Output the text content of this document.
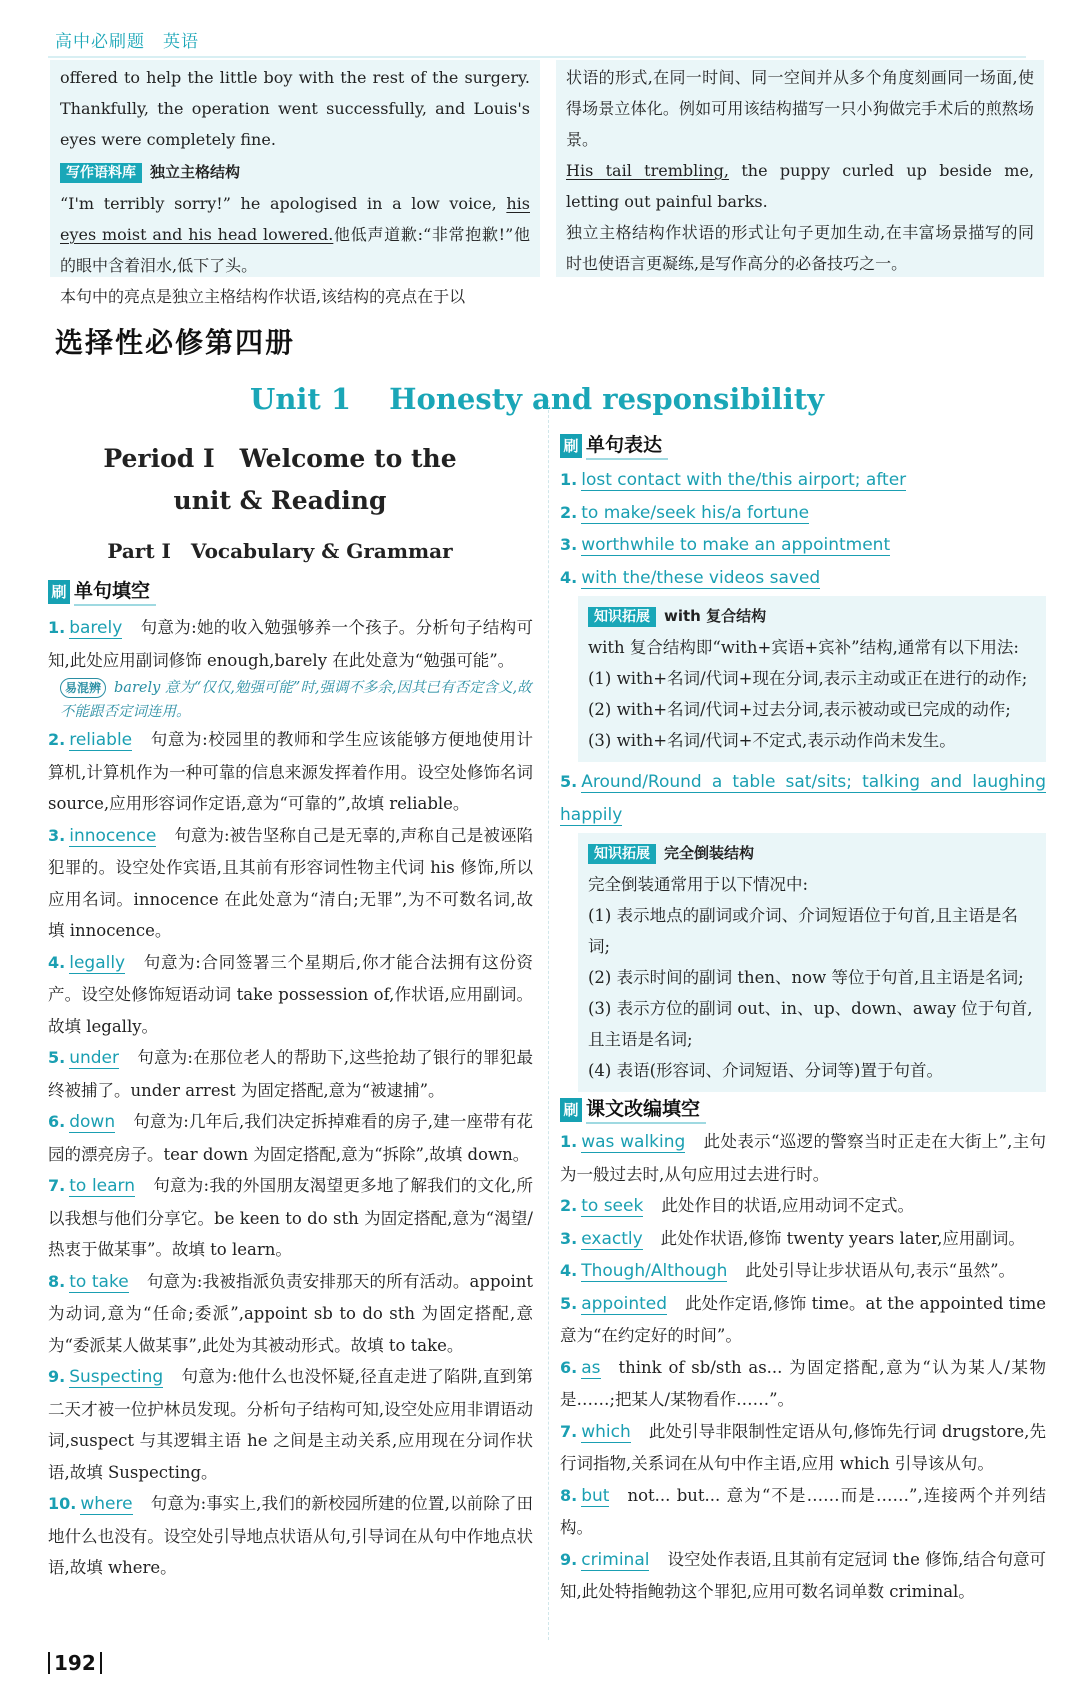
高中必刷题 英语

offered to help the little boy with the rest of the surgery. Thankfully, the operation went successfully, and Louis's eyes were completely fine.

写作语料库 独立主格结构

“I'm terribly sorry!” he apologised in a low voice, his eyes moist and his head lowered.他低声道歉:“非常抱歉!”他的眼中含着泪水,低下了头。

本句中的亮点是独立主格结构作状语,该结构的亮点在于以

状语的形式,在同一时间、同一空间并从多个角度刻画同一场面,使得场景立体化。例如可用该结构描写一只小狗做完手术后的煎熬场景。

His tail trembling, the puppy curled up beside me, letting out painful barks.

独立主格结构作状语的形式让句子更加生动,在丰富场景描写的同时也使语言更凝练,是写作高分的必备技巧之一。

选择性必修第四册
Unit 1 Honesty and responsibility
Period Ⅰ　Welcome to the
unit & Reading
Part Ⅰ　Vocabulary & Grammar
刷 单句填空
1. barely 句意为:她的收入勉强够养一个孩子。分析句子结构可知,此处应用副词修饰 enough,barely 在此处意为“勉强可能”。
易混辨 barely 意为“仅仅,勉强可能”时,强调不多余,因其已有否定含义,故不能跟否定词连用。
2. reliable 句意为:校园里的教师和学生应该能够方便地使用计算机,计算机作为一种可靠的信息来源发挥着作用。设空处修饰名词 source,应用形容词作定语,意为“可靠的”,故填 reliable。
3. innocence 句意为:被告坚称自己是无辜的,声称自己是被诬陷犯罪的。设空处作宾语,且其前有形容词性物主代词 his 修饰,所以应用名词。innocence 在此处意为“清白;无罪”,为不可数名词,故填 innocence。
4. legally 句意为:合同签署三个星期后,你才能合法拥有这份资产。设空处修饰短语动词 take possession of,作状语,应用副词。故填 legally。
5. under 句意为:在那位老人的帮助下,这些抢劫了银行的罪犯最终被捕了。under arrest 为固定搭配,意为“被逮捕”。
6. down 句意为:几年后,我们决定拆掉难看的房子,建一座带有花园的漂亮房子。tear down 为固定搭配,意为“拆除”,故填 down。
7. to learn 句意为:我的外国朋友渴望更多地了解我们的文化,所以我想与他们分享它。be keen to do sth 为固定搭配,意为“渴望/热衷于做某事”。故填 to learn。
8. to take 句意为:我被指派负责安排那天的所有活动。appoint 为动词,意为“任命;委派”,appoint sb to do sth 为固定搭配,意为“委派某人做某事”,此处为其被动形式。故填 to take。
9. Suspecting 句意为:他什么也没怀疑,径直走进了陷阱,直到第二天才被一位护林员发现。分析句子结构可知,设空处应用非谓语动词,suspect 与其逻辑主语 he 之间是主动关系,应用现在分词作状语,故填 Suspecting。
10. where 句意为:事实上,我们的新校园所建的位置,以前除了田地什么也没有。设空处引导地点状语从句,引导词在从句中作地点状语,故填 where。
刷 单句表达
1. lost contact with the/this airport; after
2. to make/seek his/a fortune
3. worthwhile to make an appointment
4. with the/these videos saved
知识拓展 with 复合结构
with 复合结构即“with+宾语+宾补”结构,通常有以下用法:
(1) with+名词/代词+现在分词,表示主动或正在进行的动作;
(2) with+名词/代词+过去分词,表示被动或已完成的动作;
(3) with+名词/代词+不定式,表示动作尚未发生。
5. Around/Round a table sat/sits; talking and laughing happily
知识拓展 完全倒装结构
完全倒装通常用于以下情况中:
(1) 表示地点的副词或介词、介词短语位于句首,且主语是名词;
(2) 表示时间的副词 then、now 等位于句首,且主语是名词;
(3) 表示方位的副词 out、in、up、down、away 位于句首,且主语是名词;
(4) 表语(形容词、介词短语、分词等)置于句首。
刷 课文改编填空
1. was walking 此处表示“巡逻的警察当时正走在大街上”,主句为一般过去时,从句应用过去进行时。
2. to seek 此处作目的状语,应用动词不定式。
3. exactly 此处作状语,修饰 twenty years later,应用副词。
4. Though/Although 此处引导让步状语从句,表示“虽然”。
5. appointed 此处作定语,修饰 time。at the appointed time 意为“在约定好的时间”。
6. as think of sb/sth as... 为固定搭配,意为“认为某人/某物是……;把某人/某物看作……”。
7. which 此处引导非限制性定语从句,修饰先行词 drugstore,先行词指物,关系词在从句中作主语,应用 which 引导该从句。
8. but not... but... 意为“不是……而是……”,连接两个并列结构。
9. criminal 设空处作表语,且其前有定冠词 the 修饰,结合句意可知,此处特指鲍勃这个罪犯,应用可数名词单数 criminal。
192
